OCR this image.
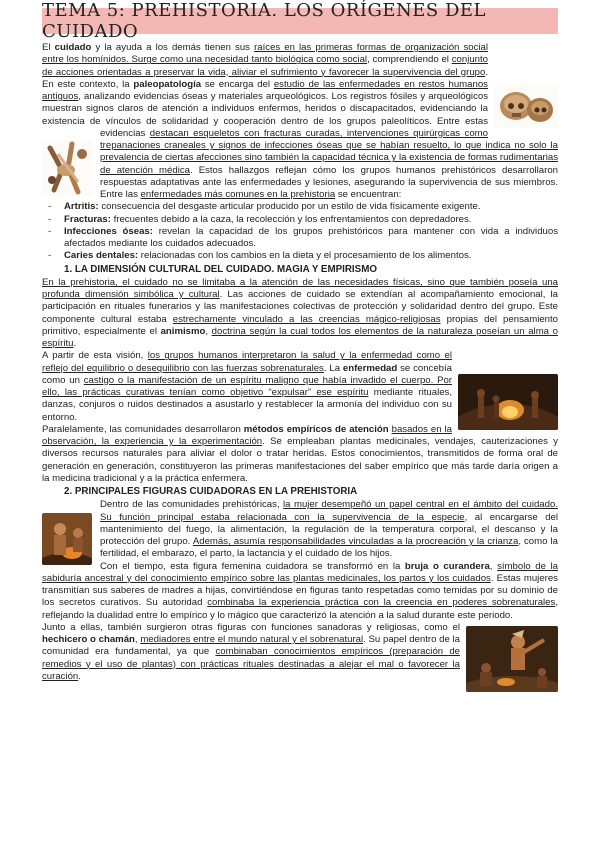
TEMA 5: PREHISTORIA. LOS ORÍGENES DEL CUIDADO

El cuidado y la ayuda a los demás tienen sus raíces en las primeras formas de organización social entre los homínidos. Surge como una necesidad tanto biológica como social, comprendiendo el conjunto de acciones orientadas a preservar la vida, aliviar el sufrimiento y favorecer la supervivencia del grupo. En este contexto, la paleopatología se encarga del estudio de las enfermedades en restos humanos antiguos, analizando evidencias óseas y materiales arqueológicos. Los registros fósiles y arqueológicos muestran signos claros de atención a individuos enfermos, heridos o discapacitados, evidenciando la existencia de vínculos de solidaridad y cooperación dentro de los grupos paleolíticos. Entre estas evidencias
destacan esqueletos con fracturas curadas, intervenciones quirúrgicas como trepanaciones craneales y signos de infecciones óseas que se habían resuelto, lo que indica no solo la prevalencia de ciertas afecciones sino también la capacidad técnica y la existencia de formas rudimentarias de atención médica. Estos hallazgos reflejan cómo los grupos humanos prehistóricos desarrollaron respuestas adaptativas ante las enfermedades y lesiones, asegurando la supervivencia de sus miembros. Entre las enfermedades más comunes en la prehistoria se encuentran:

- Artritis: consecuencia del desgaste articular producido por un estilo de vida físicamente exigente.
- Fracturas: frecuentes debido a la caza, la recolección y los enfrentamientos con depredadores.
- Infecciones óseas: revelan la capacidad de los grupos prehistóricos para mantener con vida a individuos afectados mediante los cuidados adecuados.
- Caries dentales: relacionadas con los cambios en la dieta y el procesamiento de los alimentos.
1. LA DIMENSIÓN CULTURAL DEL CUIDADO. MAGIA Y EMPIRISMO

En la prehistoria, el cuidado no se limitaba a la atención de las necesidades físicas, sino que también poseía una profunda dimensión simbólica y cultural. Las acciones de cuidado se extendían al acompañamiento emocional, la participación en rituales funerarios y las manifestaciones colectivas de protección y solidaridad dentro del grupo. Este componente cultural estaba estrechamente vinculado a las creencias mágico-religiosas propias del pensamiento primitivo, especialmente el animismo, doctrina según la cual todos los elementos de la naturaleza poseían un alma o espíritu.

A partir de esta visión, los grupos humanos interpretaron la salud y la enfermedad como el reflejo del equilibrio o desequilibrio con las fuerzas sobrenaturales. La enfermedad se concebía como un castigo o la manifestación de un espíritu maligno que había invadido el cuerpo. Por ello, las prácticas curativas tenían como objetivo “expulsar” ese espíritu mediante rituales, danzas, conjuros o ruidos destinados a asustarlo y restablecer la armonía del individuo con su entorno.

Paralelamente, las comunidades desarrollaron métodos empíricos de atención basados en la observación, la experiencia y la experimentación. Se empleaban plantas medicinales, vendajes, cauterizaciones y diversos recursos naturales para aliviar el dolor o tratar heridas. Estos conocimientos, transmitidos de forma oral de generación en generación, constituyeron las primeras manifestaciones del saber empírico que más tarde daría origen a la medicina tradicional y a la práctica enfermera.

2. PRINCIPALES FIGURAS CUIDADORAS EN LA PREHISTORIA

Dentro de las comunidades prehistóricas, la mujer desempeñó un papel central en el ámbito del cuidado. Su función principal estaba relacionada con la supervivencia de la especie, al encargarse del mantenimiento del fuego, la alimentación, la regulación de la temperatura corporal, el descanso y la protección del grupo. Además, asumía responsabilidades vinculadas a la procreación y la crianza, como la fertilidad, el embarazo, el parto, la lactancia y el cuidado de los hijos.

Con el tiempo, esta figura femenina cuidadora se transformó en la bruja o curandera, símbolo de la sabiduría ancestral y del conocimiento empírico sobre las plantas medicinales, los partos y los cuidados. Estas mujeres transmitían sus saberes de madres a hijas, convirtiéndose en figuras tanto respetadas como temidas por su dominio de los secretos curativos. Su autoridad combinaba la experiencia práctica con la creencia en poderes sobrenaturales, reflejando la dualidad entre lo empírico y lo mágico que caracterizó la atención a la salud durante este periodo.

Junto a ellas, también surgieron otras figuras con funciones sanadoras y religiosas, como el hechicero o chamán, mediadores entre el mundo natural y el sobrenatural. Su papel dentro de la comunidad era fundamental, ya que combinaban conocimientos empíricos (preparación de remedios y el uso de plantas) con prácticas rituales destinadas a alejar el mal o favorecer la curación.
